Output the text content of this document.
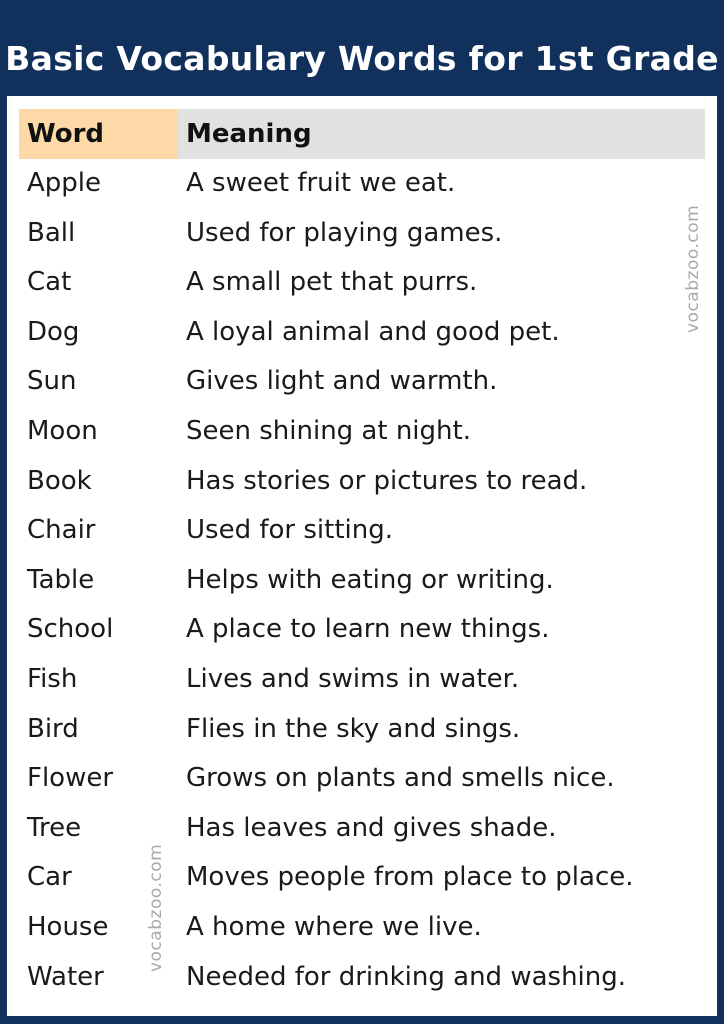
Basic Vocabulary Words for 1st Grade
Word	Meaning
Apple	A sweet fruit we eat.
Ball	Used for playing games.
Cat	A small pet that purrs.
Dog	A loyal animal and good pet.
Sun	Gives light and warmth.
Moon	Seen shining at night.
Book	Has stories or pictures to read.
Chair	Used for sitting.
Table	Helps with eating or writing.
School	A place to learn new things.
Fish	Lives and swims in water.
Bird	Flies in the sky and sings.
Flower	Grows on plants and smells nice.
Tree	Has leaves and gives shade.
Car	Moves people from place to place.
House	A home where we live.
Water	Needed for drinking and washing.
vocabzoo.com
vocabzoo.com
